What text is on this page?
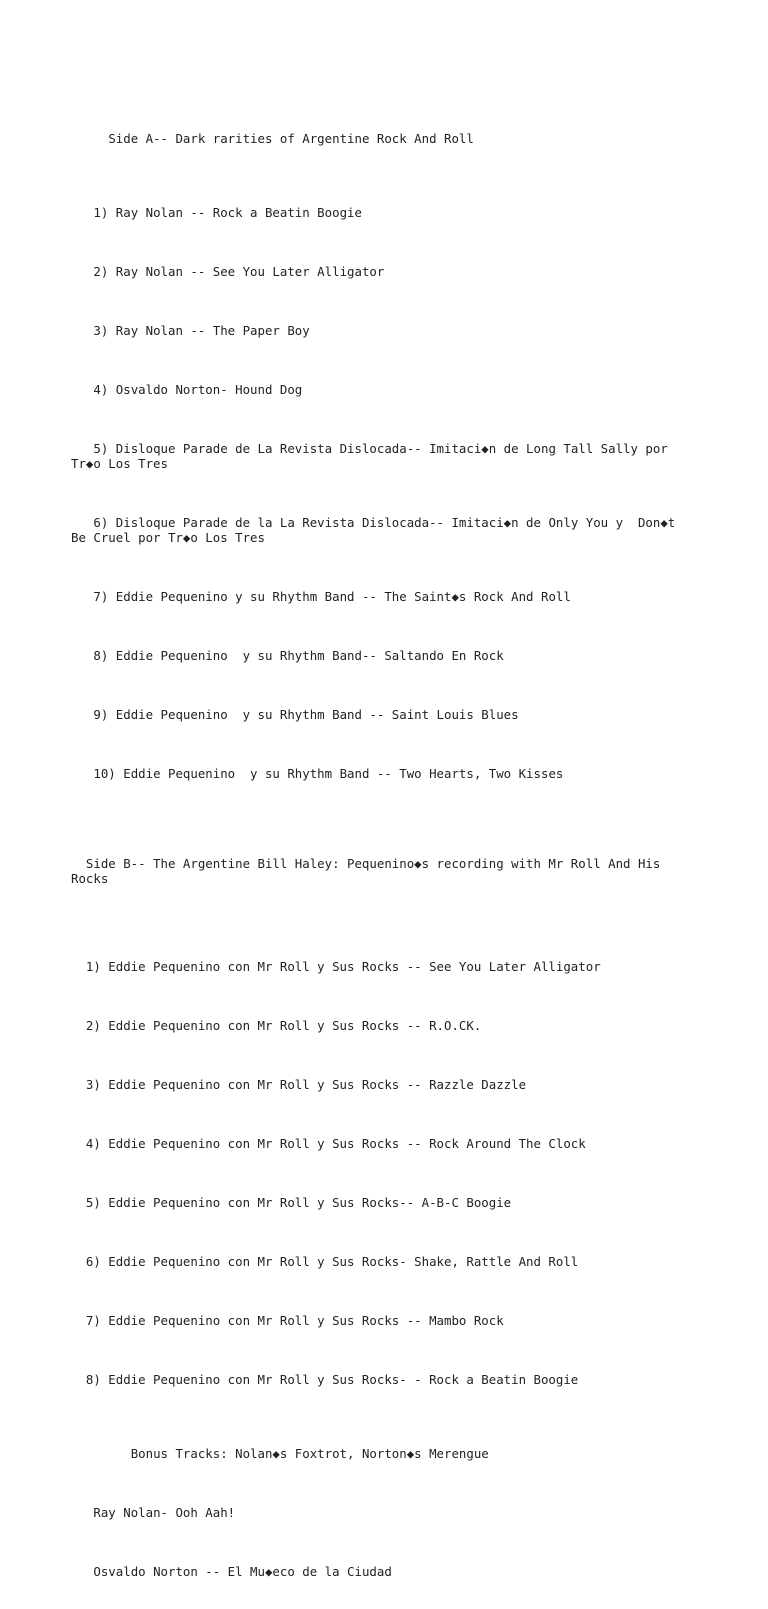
Side A-- Dark rarities of Argentine Rock And Roll

1) Ray Nolan -- Rock a Beatin Boogie

2) Ray Nolan -- See You Later Alligator

3) Ray Nolan -- The Paper Boy

4) Osvaldo Norton- Hound Dog

5) Disloque Parade de La Revista Dislocada-- Imitaci◆n de Long Tall Sally por Tr◆o Los Tres

6) Disloque Parade de la La Revista Dislocada-- Imitaci◆n de Only You y  Don◆t Be Cruel por Tr◆o Los Tres

7) Eddie Pequenino y su Rhythm Band -- The Saint◆s Rock And Roll

8) Eddie Pequenino  y su Rhythm Band-- Saltando En Rock

9) Eddie Pequenino  y su Rhythm Band -- Saint Louis Blues

10) Eddie Pequenino  y su Rhythm Band -- Two Hearts, Two Kisses

Side B-- The Argentine Bill Haley: Pequenino◆s recording with Mr Roll And His Rocks

1) Eddie Pequenino con Mr Roll y Sus Rocks -- See You Later Alligator

2) Eddie Pequenino con Mr Roll y Sus Rocks -- R.O.CK.

3) Eddie Pequenino con Mr Roll y Sus Rocks -- Razzle Dazzle

4) Eddie Pequenino con Mr Roll y Sus Rocks -- Rock Around The Clock

5) Eddie Pequenino con Mr Roll y Sus Rocks-- A-B-C Boogie

6) Eddie Pequenino con Mr Roll y Sus Rocks- Shake, Rattle And Roll

7) Eddie Pequenino con Mr Roll y Sus Rocks -- Mambo Rock

8) Eddie Pequenino con Mr Roll y Sus Rocks- - Rock a Beatin Boogie

Bonus Tracks: Nolan◆s Foxtrot, Norton◆s Merengue

Ray Nolan- Ooh Aah!

Osvaldo Norton -- El Mu◆eco de la Ciudad
